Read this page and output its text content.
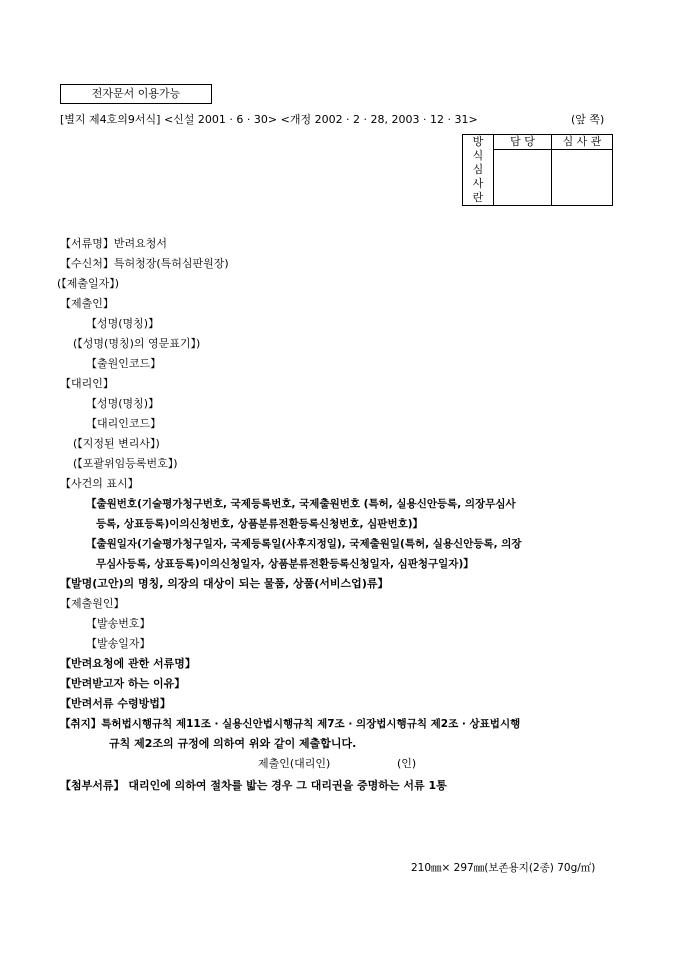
전자문서 이용가능
[별지 제4호의9서식] <신설 2001 · 6 · 30> <개정 2002 · 2 · 28, 2003 · 12 · 31>	(앞 쪽)
방
식
심
사
란	담 당	심 사 관

【서류명】반려요청서
【수신처】특허청장(특허심판원장)
(【제출일자】)
【제출인】
【성명(명칭)】
(【성명(명칭)의 영문표기】)
【출원인코드】
【대리인】
【성명(명칭)】
【대리인코드】
(【지정된 변리사】)
(【포괄위임등록번호】)
【사건의 표시】
【출원번호(기술평가청구번호, 국제등록번호, 국제출원번호 (특허, 실용신안등록, 의장무심사
등록, 상표등록)이의신청번호, 상품분류전환등록신청번호, 심판번호)】
【출원일자(기술평가청구일자, 국제등록일(사후지정일), 국제출원일(특허, 실용신안등록, 의장
무심사등록, 상표등록)이의신청일자, 상품분류전환등록신청일자, 심판청구일자)】
【발명(고안)의 명칭, 의장의 대상이 되는 물품, 상품(서비스업)류】
【제출원인】
【발송번호】
【발송일자】
【반려요청에 관한 서류명】
【반려받고자 하는 이유】
【반려서류 수령방법】
【취지】특허법시행규칙 제11조 · 실용신안법시행규칙 제7조 · 의장법시행규칙 제2조 · 상표법시행
규칙 제2조의 규정에 의하여 위와 같이 제출합니다.
제출인(대리인)	(인)
【첨부서류】 대리인에 의하여 절차를 밟는 경우 그 대리권을 증명하는 서류 1통
210㎜× 297㎜(보존용지(2종) 70g/㎡)
